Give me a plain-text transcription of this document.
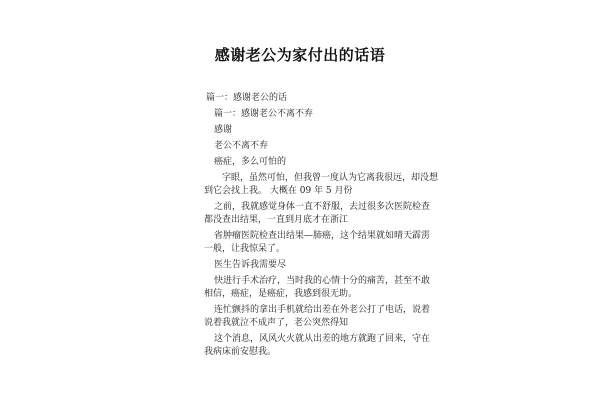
感谢老公为家付出的话语
篇一：感谢老公的话
篇一：感谢老公不离不弃
感谢
老公不离不弃
癌症，多么可怕的
字眼，虽然可怕，但我曾一度认为它离我很远，却没想
到它会找上我。 大概在 09 年 5 月份
之前，我就感觉身体一直不舒服，去过很多次医院检查
都没查出结果，一直到月底才在浙江
省肿瘤医院检查出结果—肺癌，这个结果就如晴天霹雳
一般，让我惊呆了。
医生告诉我需要尽
快进行手术治疗，当时我的心情十分的痛苦，甚至不敢
相信，癌症，是癌症，我感到很无助。
连忙颤抖的拿出手机就给出差在外老公打了电话，说着
说着我就泣不成声了，老公突然得知
这个消息，风风火火就从出差的地方就跑了回来，守在
我病床前安慰我。
